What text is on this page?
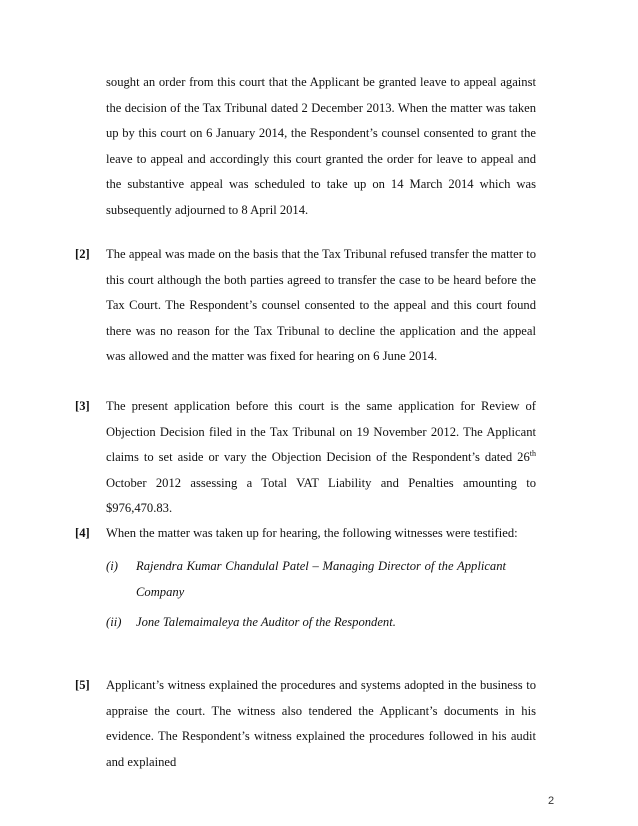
sought an order from this court that the Applicant be granted leave to appeal against the decision of the Tax Tribunal dated 2 December 2013. When the matter was taken up by this court on 6 January 2014, the Respondent’s counsel consented to grant the leave to appeal and accordingly this court granted the order for leave to appeal and the substantive appeal was scheduled to take up on 14 March 2014 which was subsequently adjourned to 8 April 2014.
[2] The appeal was made on the basis that the Tax Tribunal refused transfer the matter to this court although the both parties agreed to transfer the case to be heard before the Tax Court. The Respondent’s counsel consented to the appeal and this court found there was no reason for the Tax Tribunal to decline the application and the appeal was allowed and the matter was fixed for hearing on 6 June 2014.
[3] The present application before this court is the same application for Review of Objection Decision filed in the Tax Tribunal on 19 November 2012. The Applicant claims to set aside or vary the Objection Decision of the Respondent’s dated 26th October 2012 assessing a Total VAT Liability and Penalties amounting to $976,470.83.
[4] When the matter was taken up for hearing, the following witnesses were testified:
(i) Rajendra Kumar Chandulal Patel – Managing Director of the Applicant Company
(ii) Jone Talemaimaleya the Auditor of the Respondent.
[5] Applicant’s witness explained the procedures and systems adopted in the business to appraise the court. The witness also tendered the Applicant’s documents in his evidence. The Respondent’s witness explained the procedures followed in his audit and explained
2
